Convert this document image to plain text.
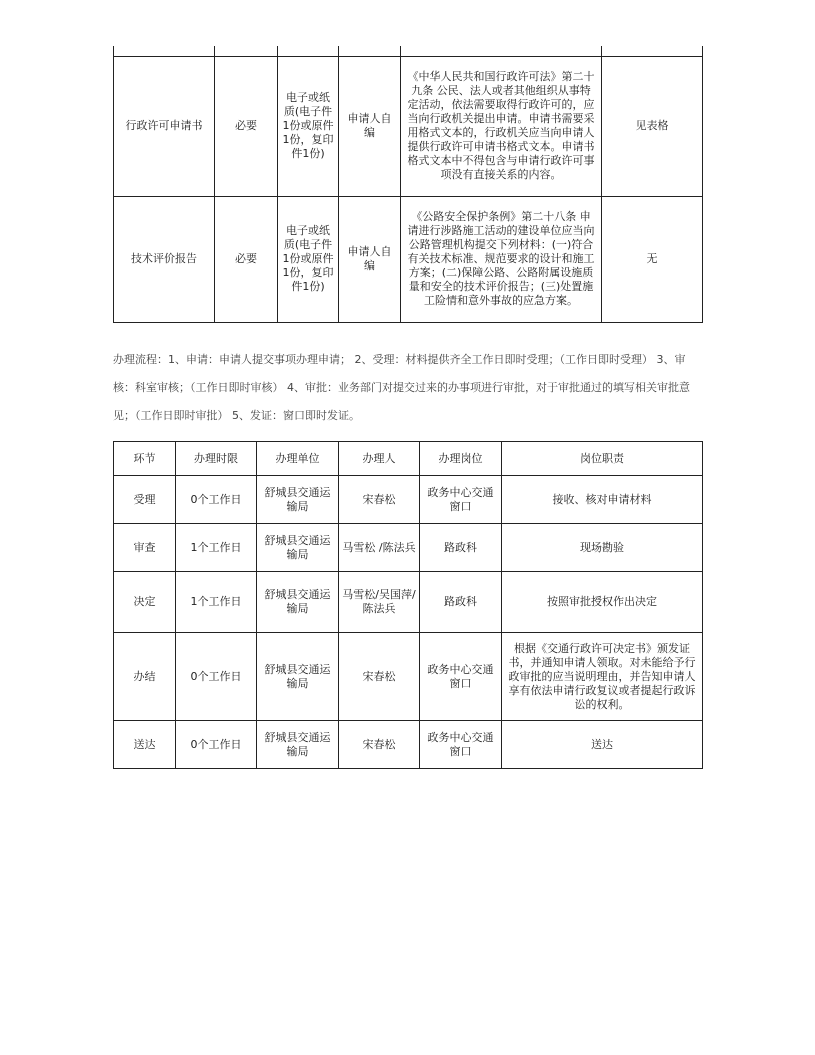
行政许可申请书	必要	电子或纸质(电子件1份或原件1份，复印件1份)	申请人自编	《中华人民共和国行政许可法》第二十九条 公民、法人或者其他组织从事特定活动，依法需要取得行政许可的，应当向行政机关提出申请。申请书需要采用格式文本的，行政机关应当向申请人提供行政许可申请书格式文本。申请书格式文本中不得包含与申请行政许可事项没有直接关系的内容。	见表格
技术评价报告	必要	电子或纸质(电子件1份或原件1份，复印件1份)	申请人自编	《公路安全保护条例》第二十八条 申请进行涉路施工活动的建设单位应当向公路管理机构提交下列材料：(一)符合有关技术标准、规范要求的设计和施工方案；(二)保障公路、公路附属设施质量和安全的技术评价报告；(三)处置施工险情和意外事故的应急方案。	无
办理流程：1、申请：申请人提交事项办理申请； 2、受理：材料提供齐全工作日即时受理；（工作日即时受理） 3、审核：科室审核；（工作日即时审核） 4、审批：业务部门对提交过来的办事项进行审批，对于审批通过的填写相关审批意见；（工作日即时审批） 5、发证：窗口即时发证。
环节	办理时限	办理单位	办理人	办理岗位	岗位职责
受理	0个工作日	舒城县交通运输局	宋春松	政务中心交通窗口	接收、核对申请材料
审查	1个工作日	舒城县交通运输局	马雪松 /陈法兵	路政科	现场勘验
决定	1个工作日	舒城县交通运输局	马雪松/吴国萍/陈法兵	路政科	按照审批授权作出决定
办结	0个工作日	舒城县交通运输局	宋春松	政务中心交通窗口	根据《交通行政许可决定书》颁发证书，并通知申请人领取。对未能给予行政审批的应当说明理由，并告知申请人享有依法申请行政复议或者提起行政诉讼的权利。
送达	0个工作日	舒城县交通运输局	宋春松	政务中心交通窗口	送达
